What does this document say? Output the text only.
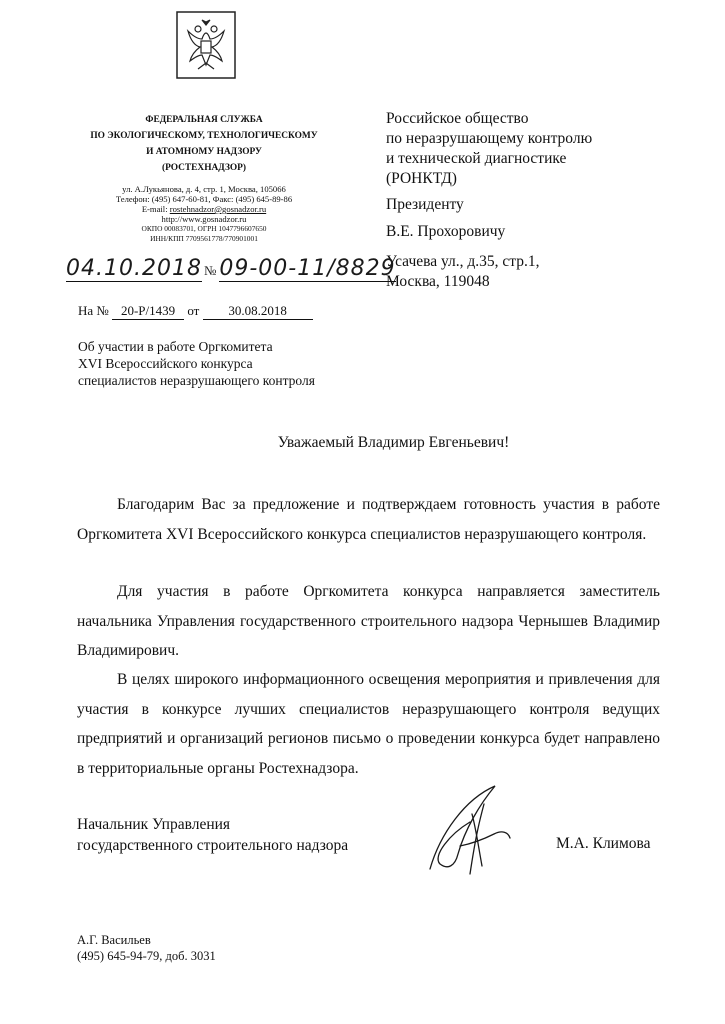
ФЕДЕРАЛЬНАЯ СЛУЖБА
ПО ЭКОЛОГИЧЕСКОМУ, ТЕХНОЛОГИЧЕСКОМУ
И АТОМНОМУ НАДЗОРУ
(РОСТЕХНАДЗОР)
ул. А.Лукьянова, д. 4, стр. 1, Москва, 105066
Телефон: (495) 647-60-81, Факс: (495) 645-89-86
E-mail: rostehnadzor@gosnadzor.ru
http://www.gosnadzor.ru
ОКПО 00083701, ОГРН 1047796607650
ИНН/КПП 7709561778/770901001
Российское общество
по неразрушающему контролю
и технической диагностике
(РОНКТД)
Президенту
В.Е. Прохоровичу
Усачева ул., д.35, стр.1,
Москва, 119048
04.10.2018 №09-00-11/8829
На № 20-Р/1439 от 30.08.2018
Об участии в работе Оргкомитета
XVI Всероссийского конкурса
специалистов неразрушающего контроля
Уважаемый Владимир Евгеньевич!

Благодарим Вас за предложение и подтверждаем готовность участия в работе Оргкомитета XVI Всероссийского конкурса специалистов неразрушающего контроля.

Для участия в работе Оргкомитета конкурса направляется заместитель начальника Управления государственного строительного надзора Чернышев Владимир Владимирович.

В целях широкого информационного освещения мероприятия и привлечения для участия в конкурсе лучших специалистов неразрушающего контроля ведущих предприятий и организаций регионов письмо о проведении конкурса будет направлено в территориальные органы Ростехнадзора.

Начальник Управления
государственного строительного надзора	М.А. Климова
А.Г. Васильев
(495) 645-94-79, доб. 3031
